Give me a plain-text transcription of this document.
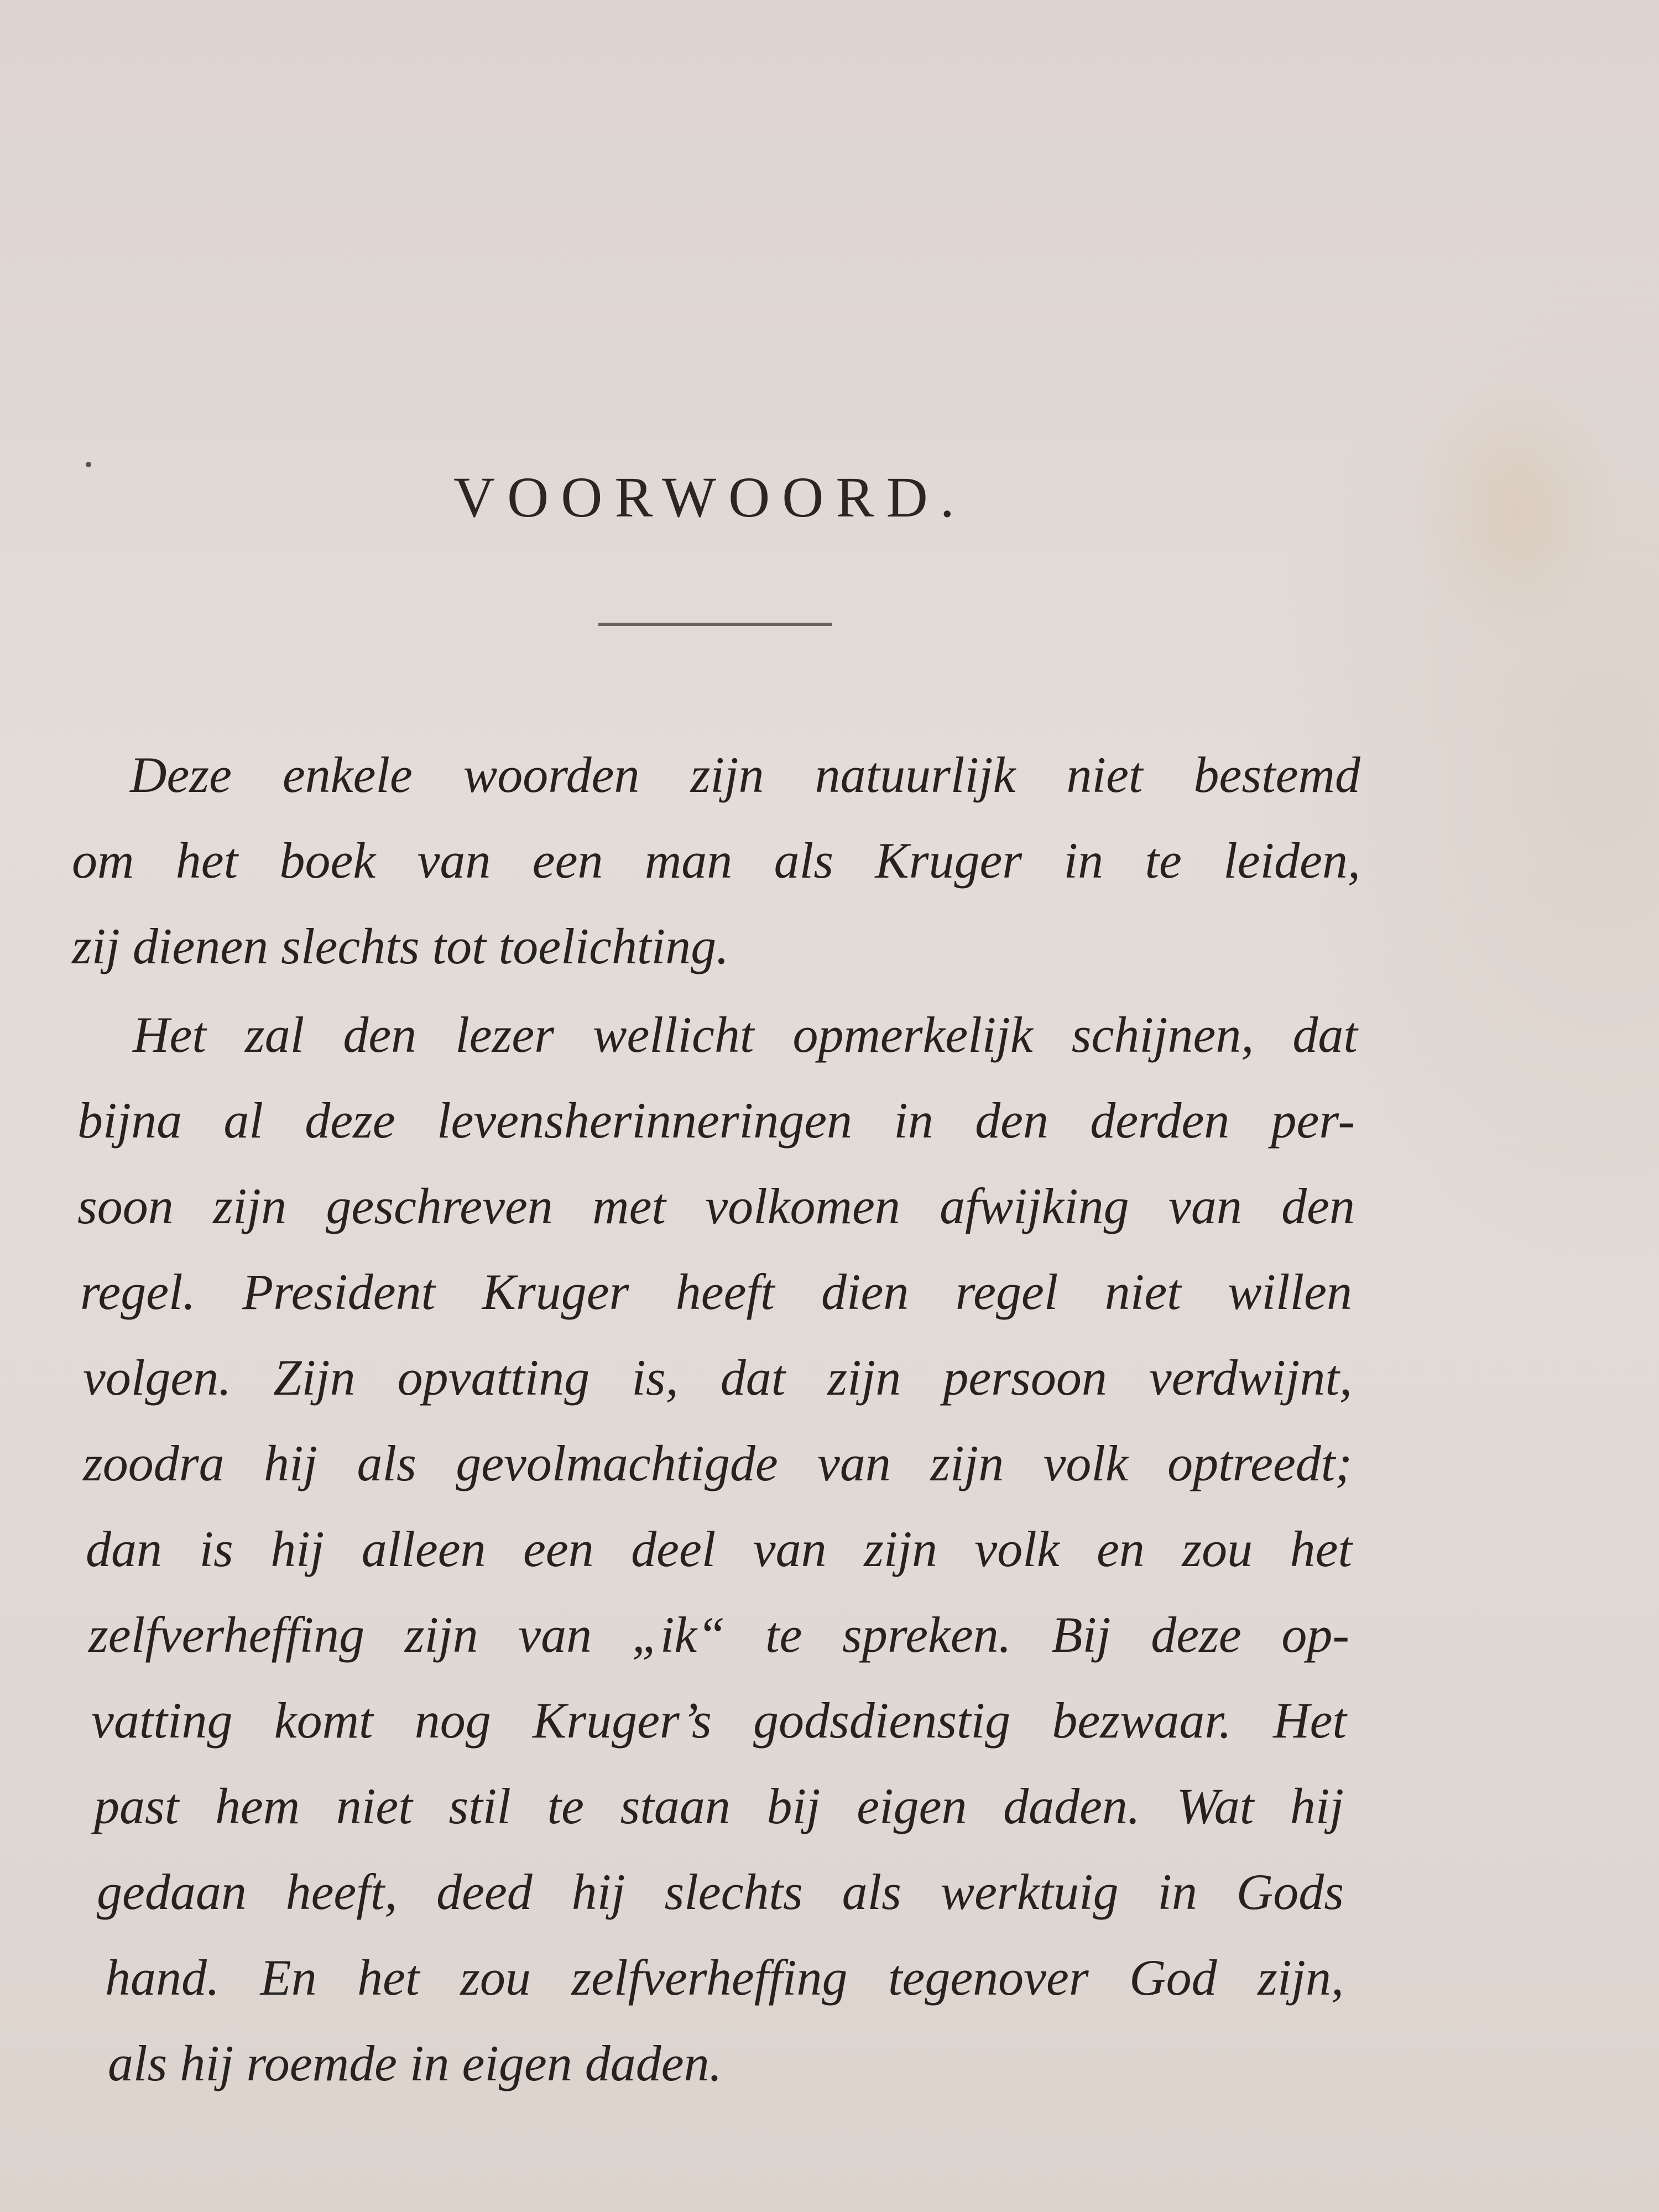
VOORWOORD.
Deze enkele woorden zijn natuurlijk niet bestemd
om het boek van een man als Kruger in te leiden,
zij dienen slechts tot toelichting.
Het zal den lezer wellicht opmerkelijk schijnen, dat
bijna al deze levensherinneringen in den derden per-
soon zijn geschreven met volkomen afwijking van den
regel. President Kruger heeft dien regel niet willen
volgen. Zijn opvatting is, dat zijn persoon verdwijnt,
zoodra hij als gevolmachtigde van zijn volk optreedt;
dan is hij alleen een deel van zijn volk en zou het
zelfverheffing zijn van „ik“ te spreken. Bij deze op-
vatting komt nog Kruger’s godsdienstig bezwaar. Het
past hem niet stil te staan bij eigen daden. Wat hij
gedaan heeft, deed hij slechts als werktuig in Gods
hand. En het zou zelfverheffing tegenover God zijn,
als hij roemde in eigen daden.
